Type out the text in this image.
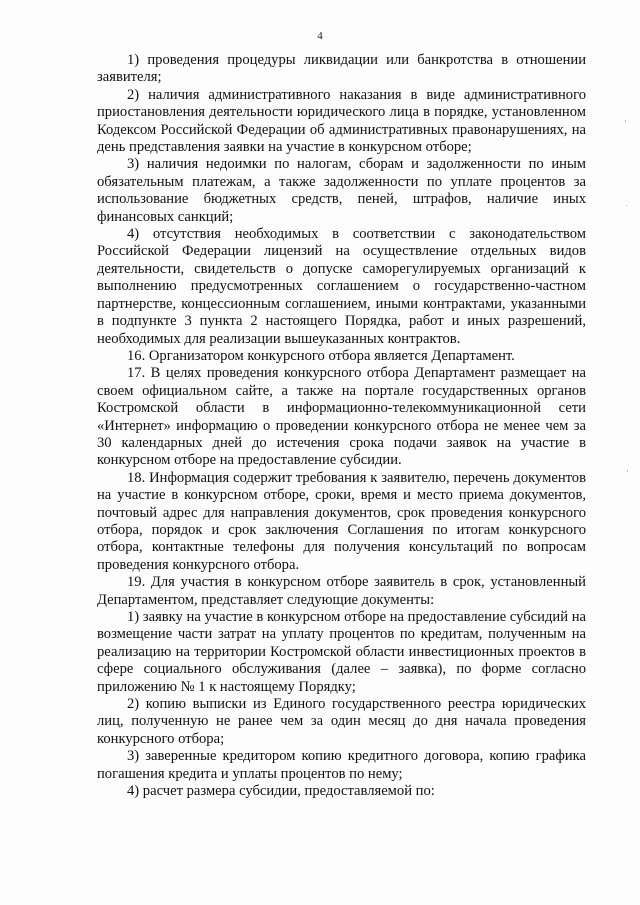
4

1) проведения процедуры ликвидации или банкротства в отношении заявителя;

2) наличия административного наказания в виде административного приостановления деятельности юридического лица в порядке, установленном Кодексом Российской Федерации об административных правонарушениях, на день представления заявки на участие в конкурсном отборе;

3) наличия недоимки по налогам, сборам и задолженности по иным обязательным платежам, а также задолженности по уплате процентов за использование бюджетных средств, пеней, штрафов, наличие иных финансовых санкций;

4) отсутствия необходимых в соответствии с законодательством Российской Федерации лицензий на осуществление отдельных видов деятельности, свидетельств о допуске саморегулируемых организаций к выполнению предусмотренных соглашением о государственно-частном партнерстве, концессионным соглашением, иными контрактами, указанными в подпункте 3 пункта 2 настоящего Порядка, работ и иных разрешений, необходимых для реализации вышеуказанных контрактов.

16. Организатором конкурсного отбора является Департамент.

17. В целях проведения конкурсного отбора Департамент размещает на своем официальном сайте, а также на портале государственных органов Костромской области в информационно-телекоммуникационной сети «Интернет» информацию о проведении конкурсного отбора не менее чем за 30 календарных дней до истечения срока подачи заявок на участие в конкурсном отборе на предоставление субсидии.

18. Информация содержит требования к заявителю, перечень документов на участие в конкурсном отборе, сроки, время и место приема документов, почтовый адрес для направления документов, срок проведения конкурсного отбора, порядок и срок заключения Соглашения по итогам конкурсного отбора, контактные телефоны для получения консультаций по вопросам проведения конкурсного отбора.

19. Для участия в конкурсном отборе заявитель в срок, установленный Департаментом, представляет следующие документы:

1) заявку на участие в конкурсном отборе на предоставление субсидий на возмещение части затрат на уплату процентов по кредитам, полученным на реализацию на территории Костромской области инвестиционных проектов в сфере социального обслуживания (далее – заявка), по форме согласно приложению № 1 к настоящему Порядку;

2) копию выписки из Единого государственного реестра юридических лиц, полученную не ранее чем за один месяц до дня начала проведения конкурсного отбора;

3) заверенные кредитором копию кредитного договора, копию графика погашения кредита и уплаты процентов по нему;

4) расчет размера субсидии, предоставляемой по:
